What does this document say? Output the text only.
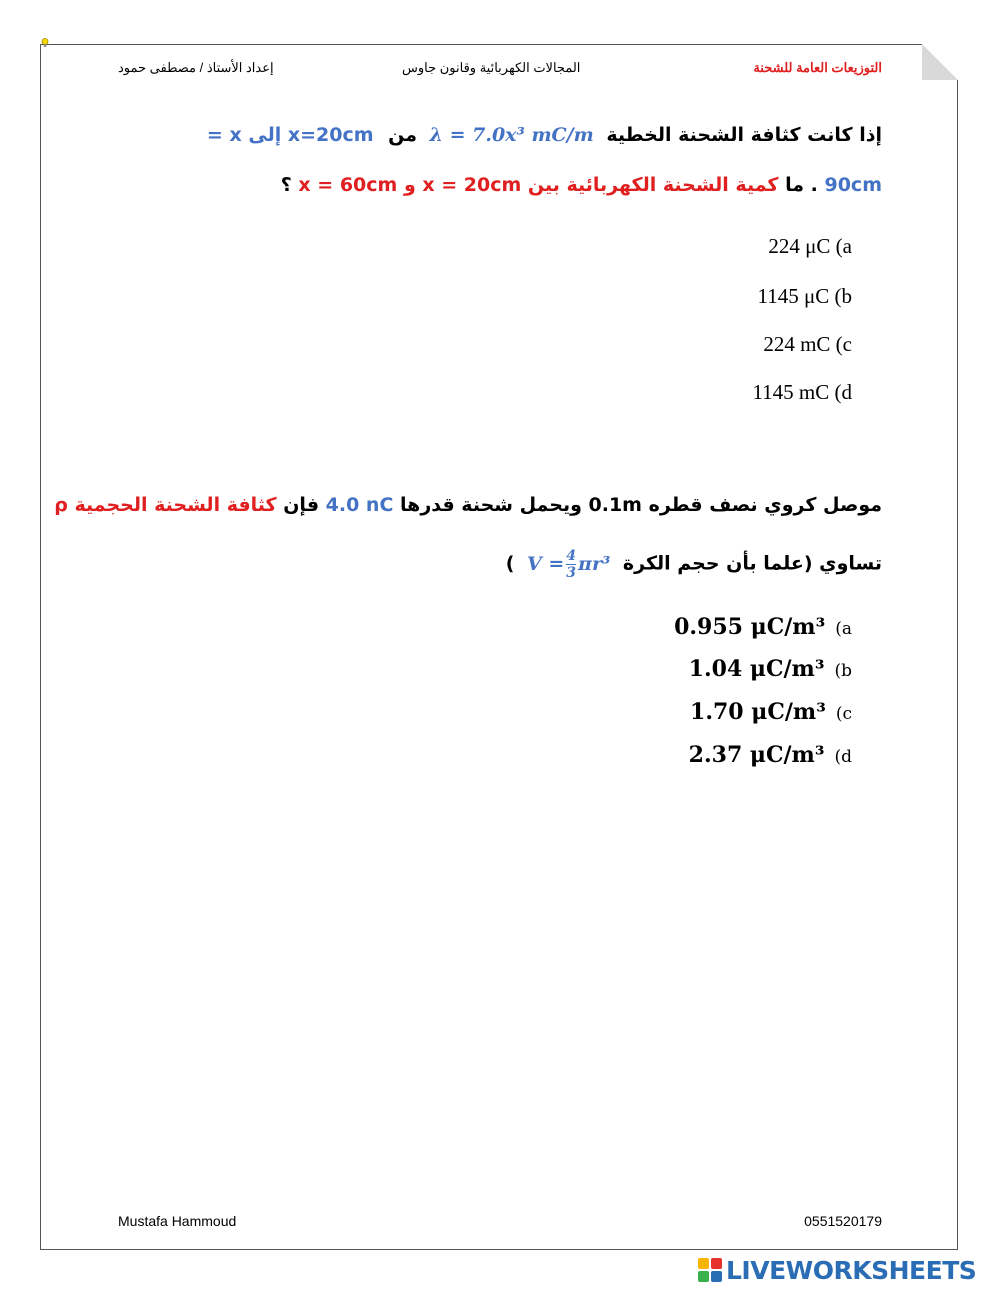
التوزيعات العامة للشحنة
المجالات الكهربائية وقانون جاوس
إعداد الأستاذ / مصطفى حمود
إذا كانت كثافة الشحنة الخطية λ = 7.0x³ mC/m من x=20cm إلى x =
90cm . ما كمية الشحنة الكهربائية بين x = 20cm و x = 60cm ؟
224 μC (a
1145 μC (b
224 mC (c
1145 mC (d
موصل كروي نصف قطره 0.1m ويحمل شحنة قدرها 4.0 nC فإن كثافة الشحنة الحجمية ρ
تساوي (علما بأن حجم الكرة $V = \frac{4}{3} \pi r^3$ )
0.955 μC/m³ (a
1.04 μC/m³ (b
1.70 μC/m³ (c
2.37 μC/m³ (d
Mustafa Hammoud	0551520179
LIVEWORKSHEETS
